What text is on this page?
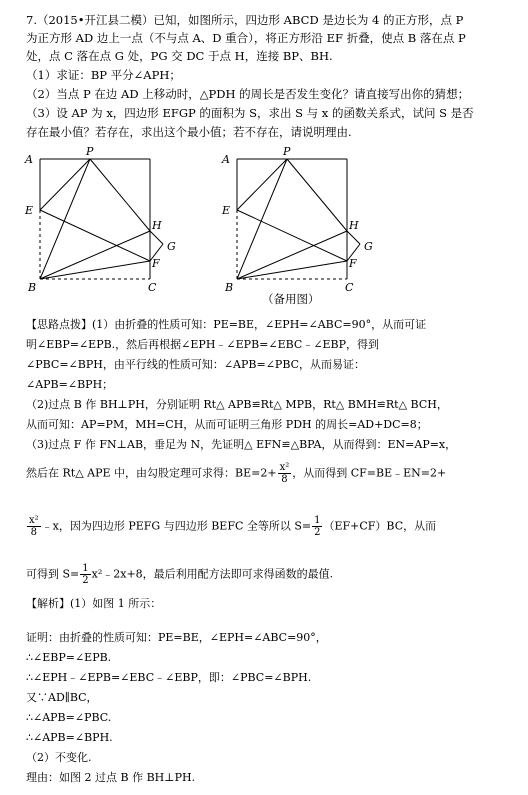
7.（2015•开江县二模）已知，如图所示，四边形 ABCD 是边长为 4 的正方形，点 P
为正方形 AD 边上一点（不与点 A、D 重合），将正方形沿 EF 折叠，使点 B 落在点 P
处，点 C 落在点 G 处，PG 交 DC 于点 H，连接 BP、BH.
（1）求证：BP 平分∠APH；
（2）当点 P 在边 AD 上移动时，△PDH 的周长是否发生变化？请直接写出你的猜想；
（3）设 AP 为 x，四边形 EFGP 的面积为 S，求出 S 与 x 的函数关系式，试问 S 是否
存在最小值？若存在，求出这个最小值；若不存在，请说明理由.
A
P
E
H
G
F
B	C
A
P
E
H
G
F
B	C
（备用图）
【思路点拨】(1）由折叠的性质可知：PE=BE，∠EPH=∠ABC=90°，从而可证
明∠EBP=∠EPB.，然后再根据∠EPH﹣∠EPB=∠EBC﹣∠EBP，得到
∠PBC=∠BPH，由平行线的性质可知：∠APB=∠PBC，从而易证：
∠APB=∠BPH；
（2)过点 B 作 BH⊥PH，分别证明 Rt△ APB≌Rt△ MPB，Rt△ BMH≌Rt△ BCH，
从而可知：AP=PM，MH=CH，从而可证明三角形 PDH 的周长=AD+DC=8；
（3)过点 F 作 FN⊥AB，垂足为 N，先证明△ EFN≌△BPA，从而得到：EN=AP=x，
然后在 Rt△ APE 中，由勾股定理可求得：$BE=2+ \frac{\text{x²}}{8}$ ，从而得到 CF=BE﹣EN=2+
$\frac{\text{x²}}{8}$ ﹣x，因为四边形 PEFG 与四边形 BEFC 全等所以 $S= \frac{1}{2} (EF+CF)BC$，从而
可得到 $S= \frac{1}{2}$ x²﹣2x+8，最后利用配方法即可求得函数的最值.
【解析】(1）如图 1 所示：
证明：由折叠的性质可知：PE=BE，∠EPH=∠ABC=90°，
∴∠EBP=∠EPB.
∴∠EPH﹣∠EPB=∠EBC﹣∠EBP，即：∠PBC=∠BPH.
又∵AD∥BC，
∴∠APB=∠PBC.
∴∠APB=∠BPH.
（2）不变化.
理由：如图 2 过点 B 作 BH⊥PH.
